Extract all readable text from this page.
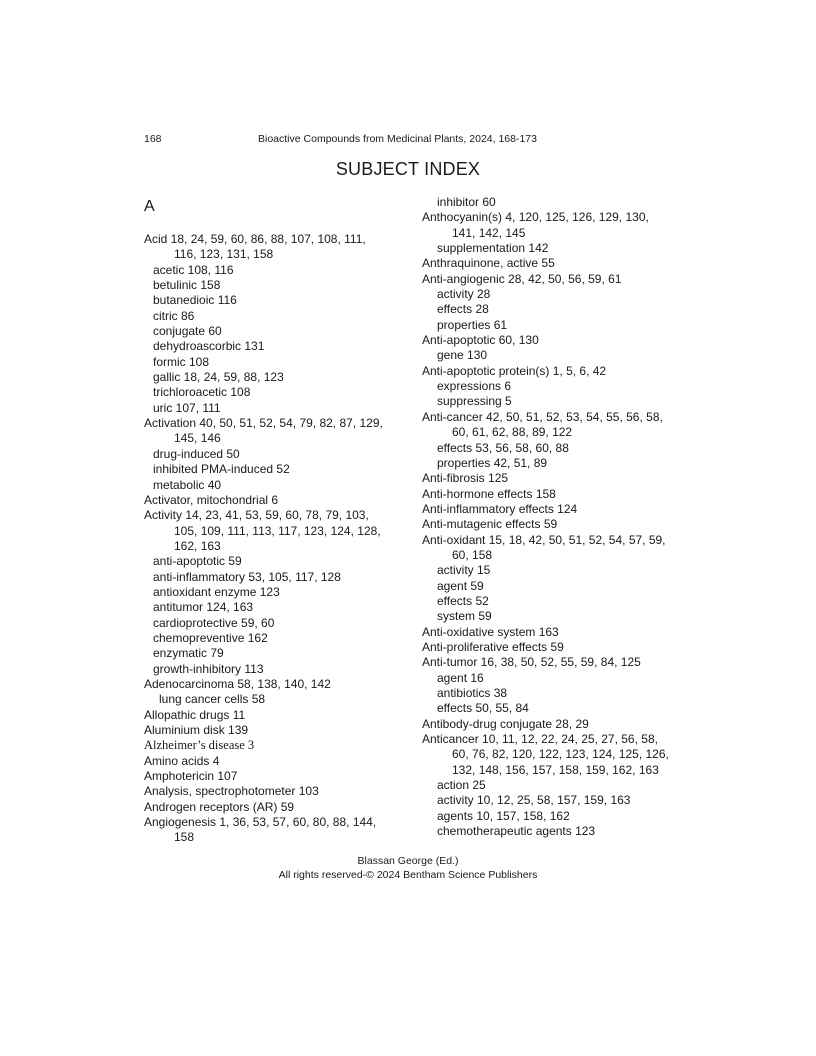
168	Bioactive Compounds from Medicinal Plants, 2024, 168-173
SUBJECT INDEX
A
Acid 18, 24, 59, 60, 86, 88, 107, 108, 111,
116, 123, 131, 158
acetic 108, 116
betulinic 158
butanedioic 116
citric 86
conjugate 60
dehydroascorbic 131
formic 108
gallic 18, 24, 59, 88, 123
trichloroacetic 108
uric 107, 111
Activation 40, 50, 51, 52, 54, 79, 82, 87, 129,
145, 146
drug-induced 50
inhibited PMA-induced 52
metabolic 40
Activator, mitochondrial 6
Activity 14, 23, 41, 53, 59, 60, 78, 79, 103,
105, 109, 111, 113, 117, 123, 124, 128,
162, 163
anti-apoptotic 59
anti-inflammatory 53, 105, 117, 128
antioxidant enzyme 123
antitumor 124, 163
cardioprotective 59, 60
chemopreventive 162
enzymatic 79
growth-inhibitory 113
Adenocarcinoma 58, 138, 140, 142
lung cancer cells 58
Allopathic drugs 11
Aluminium disk 139
Alzheimer’s disease 3
Amino acids 4
Amphotericin 107
Analysis, spectrophotometer 103
Androgen receptors (AR) 59
Angiogenesis 1, 36, 53, 57, 60, 80, 88, 144,
158
inhibitor 60
Anthocyanin(s) 4, 120, 125, 126, 129, 130,
141, 142, 145
supplementation 142
Anthraquinone, active 55
Anti-angiogenic 28, 42, 50, 56, 59, 61
activity 28
effects 28
properties 61
Anti-apoptotic 60, 130
gene 130
Anti-apoptotic protein(s) 1, 5, 6, 42
expressions 6
suppressing 5
Anti-cancer 42, 50, 51, 52, 53, 54, 55, 56, 58,
60, 61, 62, 88, 89, 122
effects 53, 56, 58, 60, 88
properties 42, 51, 89
Anti-fibrosis 125
Anti-hormone effects 158
Anti-inflammatory effects 124
Anti-mutagenic effects 59
Anti-oxidant 15, 18, 42, 50, 51, 52, 54, 57, 59,
60, 158
activity 15
agent 59
effects 52
system 59
Anti-oxidative system 163
Anti-proliferative effects 59
Anti-tumor 16, 38, 50, 52, 55, 59, 84, 125
agent 16
antibiotics 38
effects 50, 55, 84
Antibody-drug conjugate 28, 29
Anticancer 10, 11, 12, 22, 24, 25, 27, 56, 58,
60, 76, 82, 120, 122, 123, 124, 125, 126,
132, 148, 156, 157, 158, 159, 162, 163
action 25
activity 10, 12, 25, 58, 157, 159, 163
agents 10, 157, 158, 162
chemotherapeutic agents 123
Blassan George (Ed.)
All rights reserved-© 2024 Bentham Science Publishers
